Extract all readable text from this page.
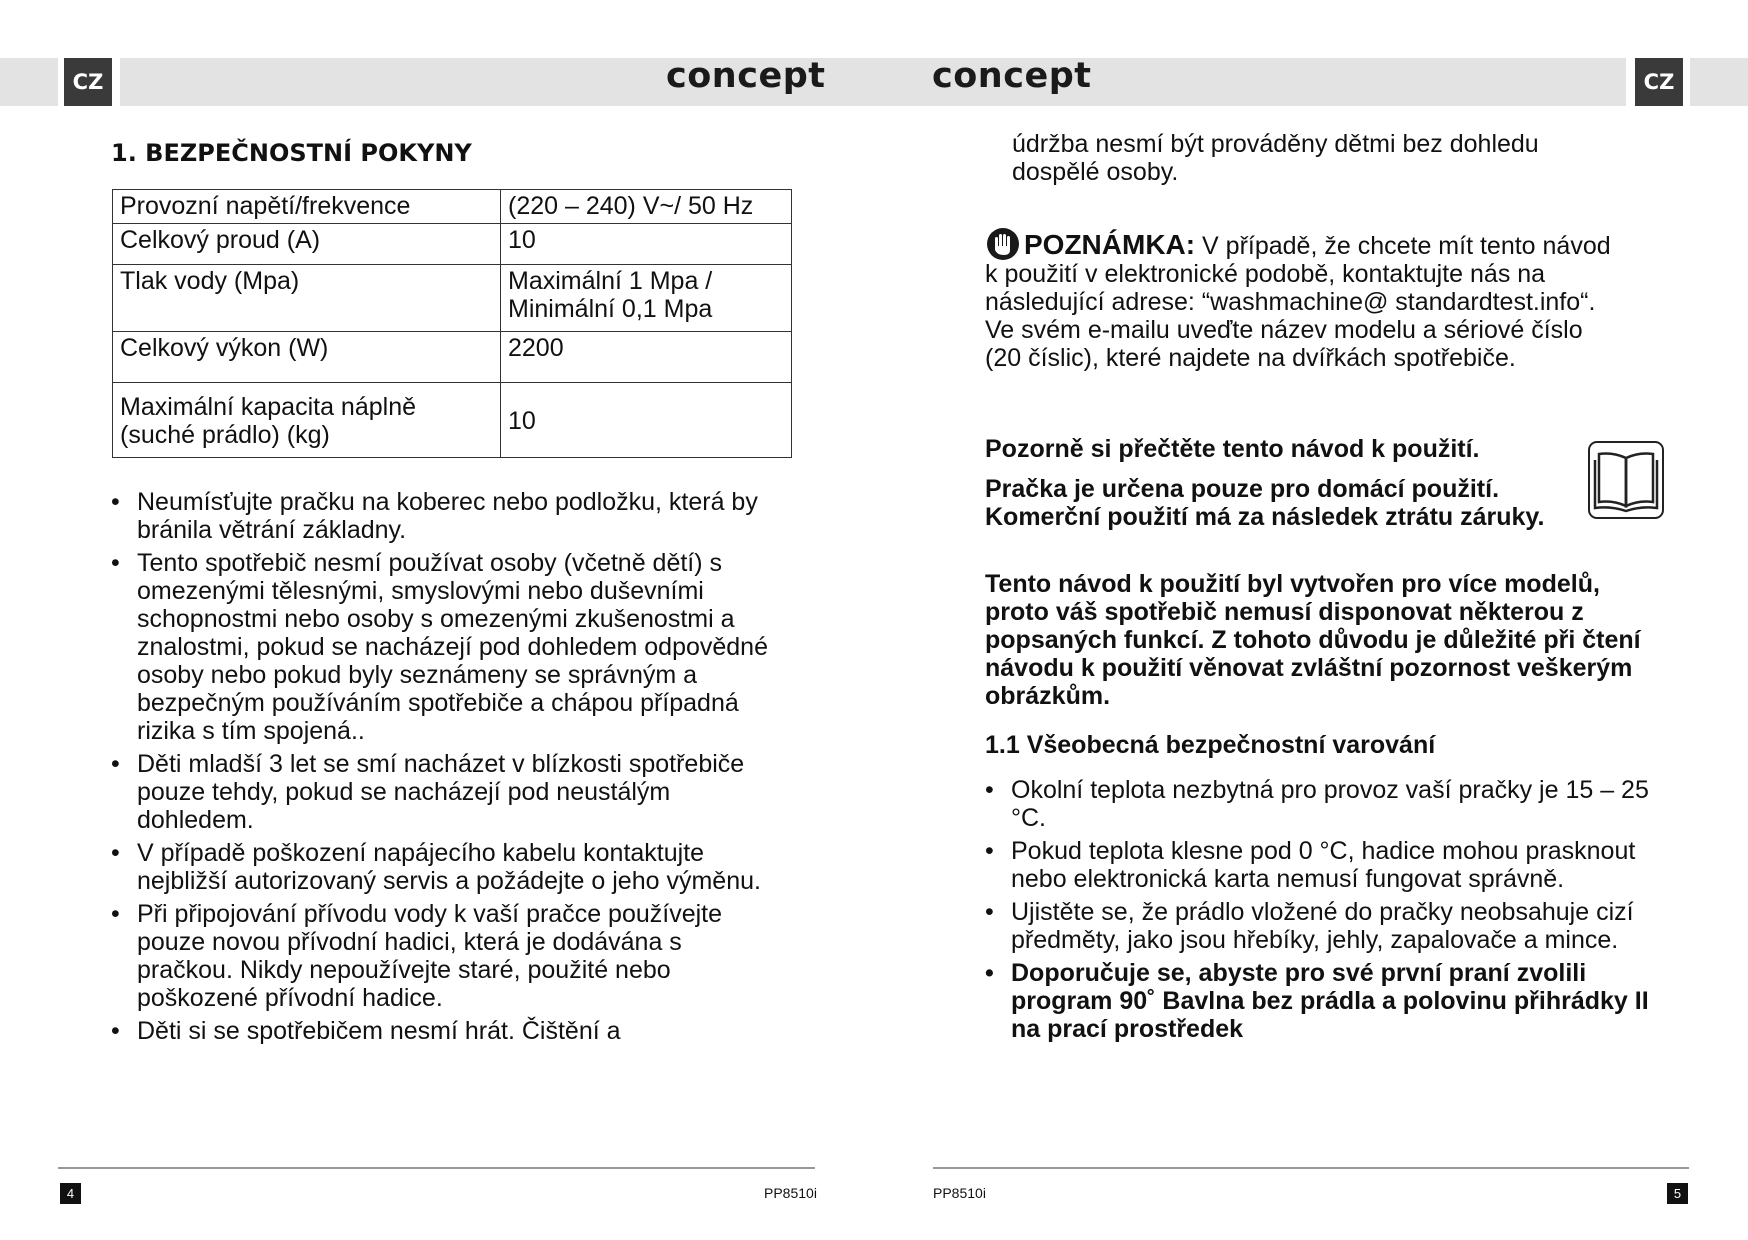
CZ	CZ
concept	concept
1. BEZPEČNOSTNÍ POKYNY
Provozní napětí/frekvence	(220 – 240) V~/ 50 Hz
Celkový proud (A)	10
Tlak vody (Mpa)	Maximální 1 Mpa /
Minimální 0,1 Mpa

Celkový výkon (W)	2200

Maximální kapacita náplně
(suché prádlo) (kg)	10
• Neumísťujte pračku na koberec nebo podložku, která by bránila větrání základny.
• Tento spotřebič nesmí používat osoby (včetně dětí) s omezenými tělesnými, smyslovými nebo duševními schopnostmi nebo osoby s omezenými zkušenostmi a znalostmi, pokud se nacházejí pod dohledem odpovědné osoby nebo pokud byly seznámeny se správným a bezpečným používáním spotřebiče a chápou případná rizika s tím spojená..
• Děti mladší 3 let se smí nacházet v blízkosti spotřebiče pouze tehdy, pokud se nacházejí pod neustálým dohledem.
• V případě poškození napájecího kabelu kontaktujte nejbližší autorizovaný servis a požádejte o jeho výměnu.
• Při připojování přívodu vody k vaší pračce používejte pouze novou přívodní hadici, která je dodávána s pračkou. Nikdy nepoužívejte staré, použité nebo poškozené přívodní hadice.
• Děti si se spotřebičem nesmí hrát. Čištění a
údržba nesmí být prováděny dětmi bez dohledu dospělé osoby.
POZNÁMKA: V případě, že chcete mít tento návod k použití v elektronické podobě, kontaktujte nás na následující adrese: “washmachine@ standardtest.info“. Ve svém e-mailu uveďte název modelu a sériové číslo (20 číslic), které najdete na dvířkách spotřebiče.
Pozorně si přečtěte tento návod k použití.
Pračka je určena pouze pro domácí použití. Komerční použití má za následek ztrátu záruky.
Tento návod k použití byl vytvořen pro více modelů, proto váš spotřebič nemusí disponovat některou z popsaných funkcí. Z tohoto důvodu je důležité při čtení návodu k použití věnovat zvláštní pozornost veškerým obrázkům.
1.1 Všeobecná bezpečnostní varování
• Okolní teplota nezbytná pro provoz vaší pračky je 15 – 25 °C.
• Pokud teplota klesne pod 0 °C, hadice mohou prasknout nebo elektronická karta nemusí fungovat správně.
• Ujistěte se, že prádlo vložené do pračky neobsahuje cizí předměty, jako jsou hřebíky, jehly, zapalovače a mince.
• Doporučuje se, abyste pro své první praní zvolili program 90˚ Bavlna bez prádla a polovinu přihrádky II na prací prostředek
4	PP8510i	PP8510i	5
